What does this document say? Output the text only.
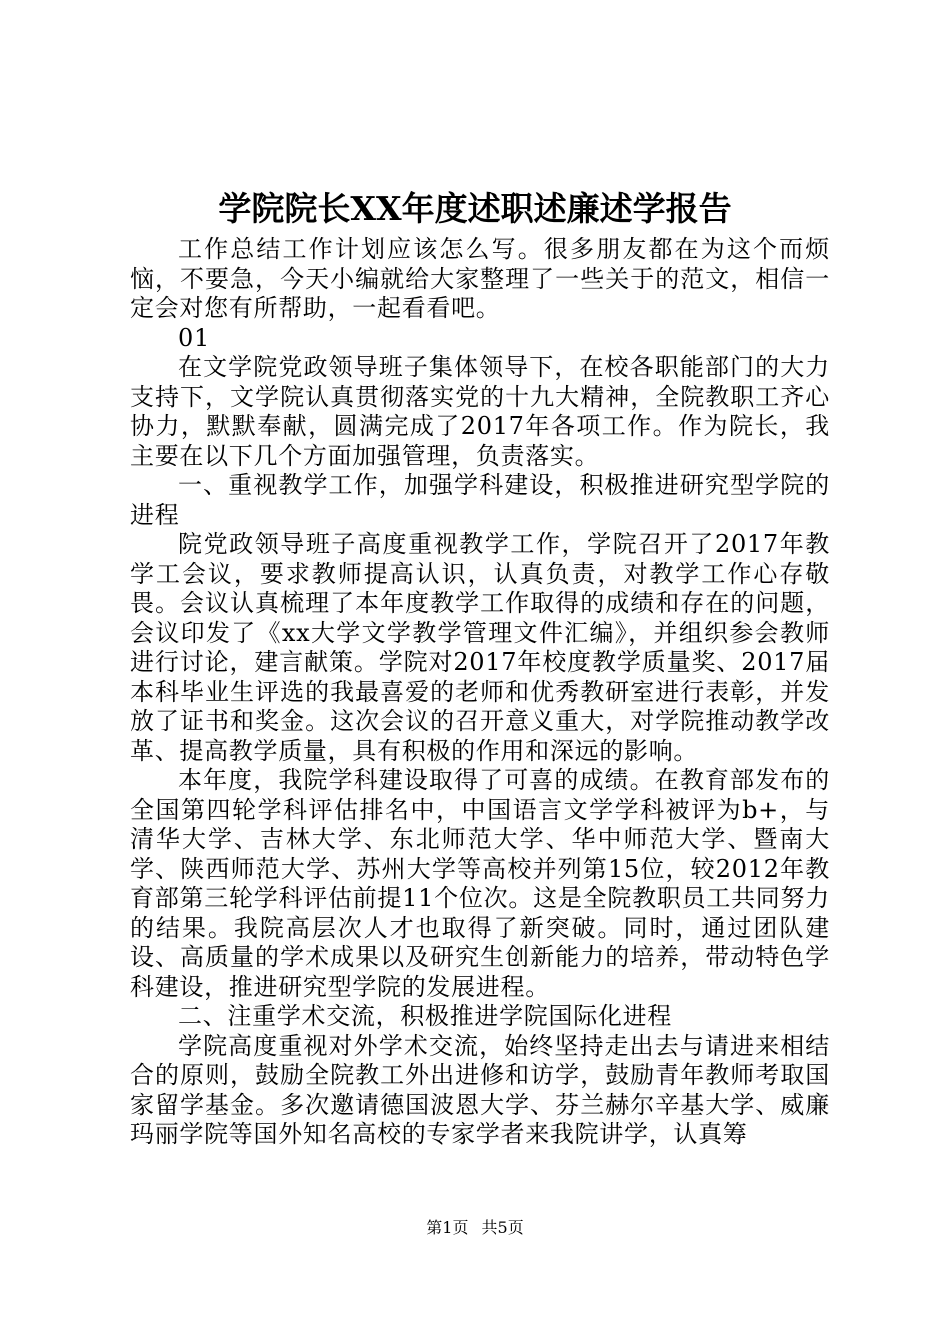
学院院长XX年度述职述廉述学报告

工作总结工作计划应该怎么写。很多朋友都在为这个而烦恼，不要急，今天小编就给大家整理了一些关于的范文，相信一定会对您有所帮助，一起看看吧。

01

在文学院党政领导班子集体领导下，在校各职能部门的大力支持下，文学院认真贯彻落实党的十九大精神，全院教职工齐心协力，默默奉献，圆满完成了2017年各项工作。作为院长，我主要在以下几个方面加强管理，负责落实。

一、重视教学工作，加强学科建设，积极推进研究型学院的进程

院党政领导班子高度重视教学工作，学院召开了2017年教学工会议，要求教师提高认识，认真负责，对教学工作心存敬畏。会议认真梳理了本年度教学工作取得的成绩和存在的问题，会议印发了《xx大学文学教学管理文件汇编》，并组织参会教师进行讨论，建言献策。学院对2017年校度教学质量奖、2017届本科毕业生评选的我最喜爱的老师和优秀教研室进行表彰，并发放了证书和奖金。这次会议的召开意义重大，对学院推动教学改革、提高教学质量，具有积极的作用和深远的影响。

本年度，我院学科建设取得了可喜的成绩。在教育部发布的全国第四轮学科评估排名中，中国语言文学学科被评为b+，与清华大学、吉林大学、东北师范大学、华中师范大学、暨南大学、陕西师范大学、苏州大学等高校并列第15位，较2012年教育部第三轮学科评估前提11个位次。这是全院教职员工共同努力的结果。我院高层次人才也取得了新突破。同时，通过团队建设、高质量的学术成果以及研究生创新能力的培养，带动特色学科建设，推进研究型学院的发展进程。

二、注重学术交流，积极推进学院国际化进程

学院高度重视对外学术交流，始终坚持走出去与请进来相结合的原则，鼓励全院教工外出进修和访学，鼓励青年教师考取国家留学基金。多次邀请德国波恩大学、芬兰赫尔辛基大学、威廉玛丽学院等国外知名高校的专家学者来我院讲学，认真筹

第1页 共5页
